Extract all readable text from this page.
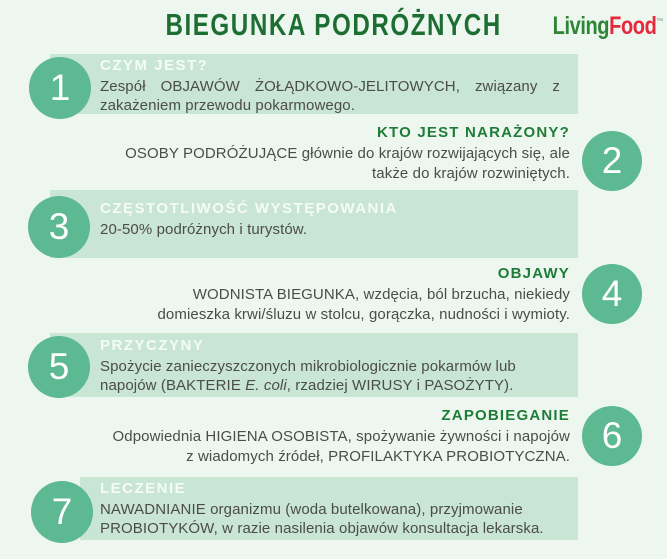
BIEGUNKA PODRÓŻNYCH	LivingFood™
CZYM JEST?
Zespół OBJAWÓW ŻOŁĄDKOWO-JELITOWYCH, związany z
zakażeniem przewodu pokarmowego.
1
KTO JEST NARAŻONY?
OSOBY PODRÓŻUJĄCE głównie do krajów rozwijających się, ale
także do krajów rozwiniętych. 2
CZĘSTOTLIWOŚĆ WYSTĘPOWANIA
20-50% podróżnych i turystów.
3
OBJAWY
WODNISTA BIEGUNKA, wzdęcia, ból brzucha, niekiedy
domieszka krwi/śluzu w stolcu, gorączka, nudności i wymioty. 4
PRZYCZYNY
Spożycie zanieczyszczonych mikrobiologicznie pokarmów lub
napojów (BAKTERIE E. coli, rzadziej WIRUSY i PASOŻYTY).
5
ZAPOBIEGANIE
Odpowiednia HIGIENA OSOBISTA, spożywanie żywności i napojów
z wiadomych źródeł, PROFILAKTYKA PROBIOTYCZNA. 6
LECZENIE
NAWADNIANIE organizmu (woda butelkowana), przyjmowanie
PROBIOTYKÓW, w razie nasilenia objawów konsultacja lekarska.
7
